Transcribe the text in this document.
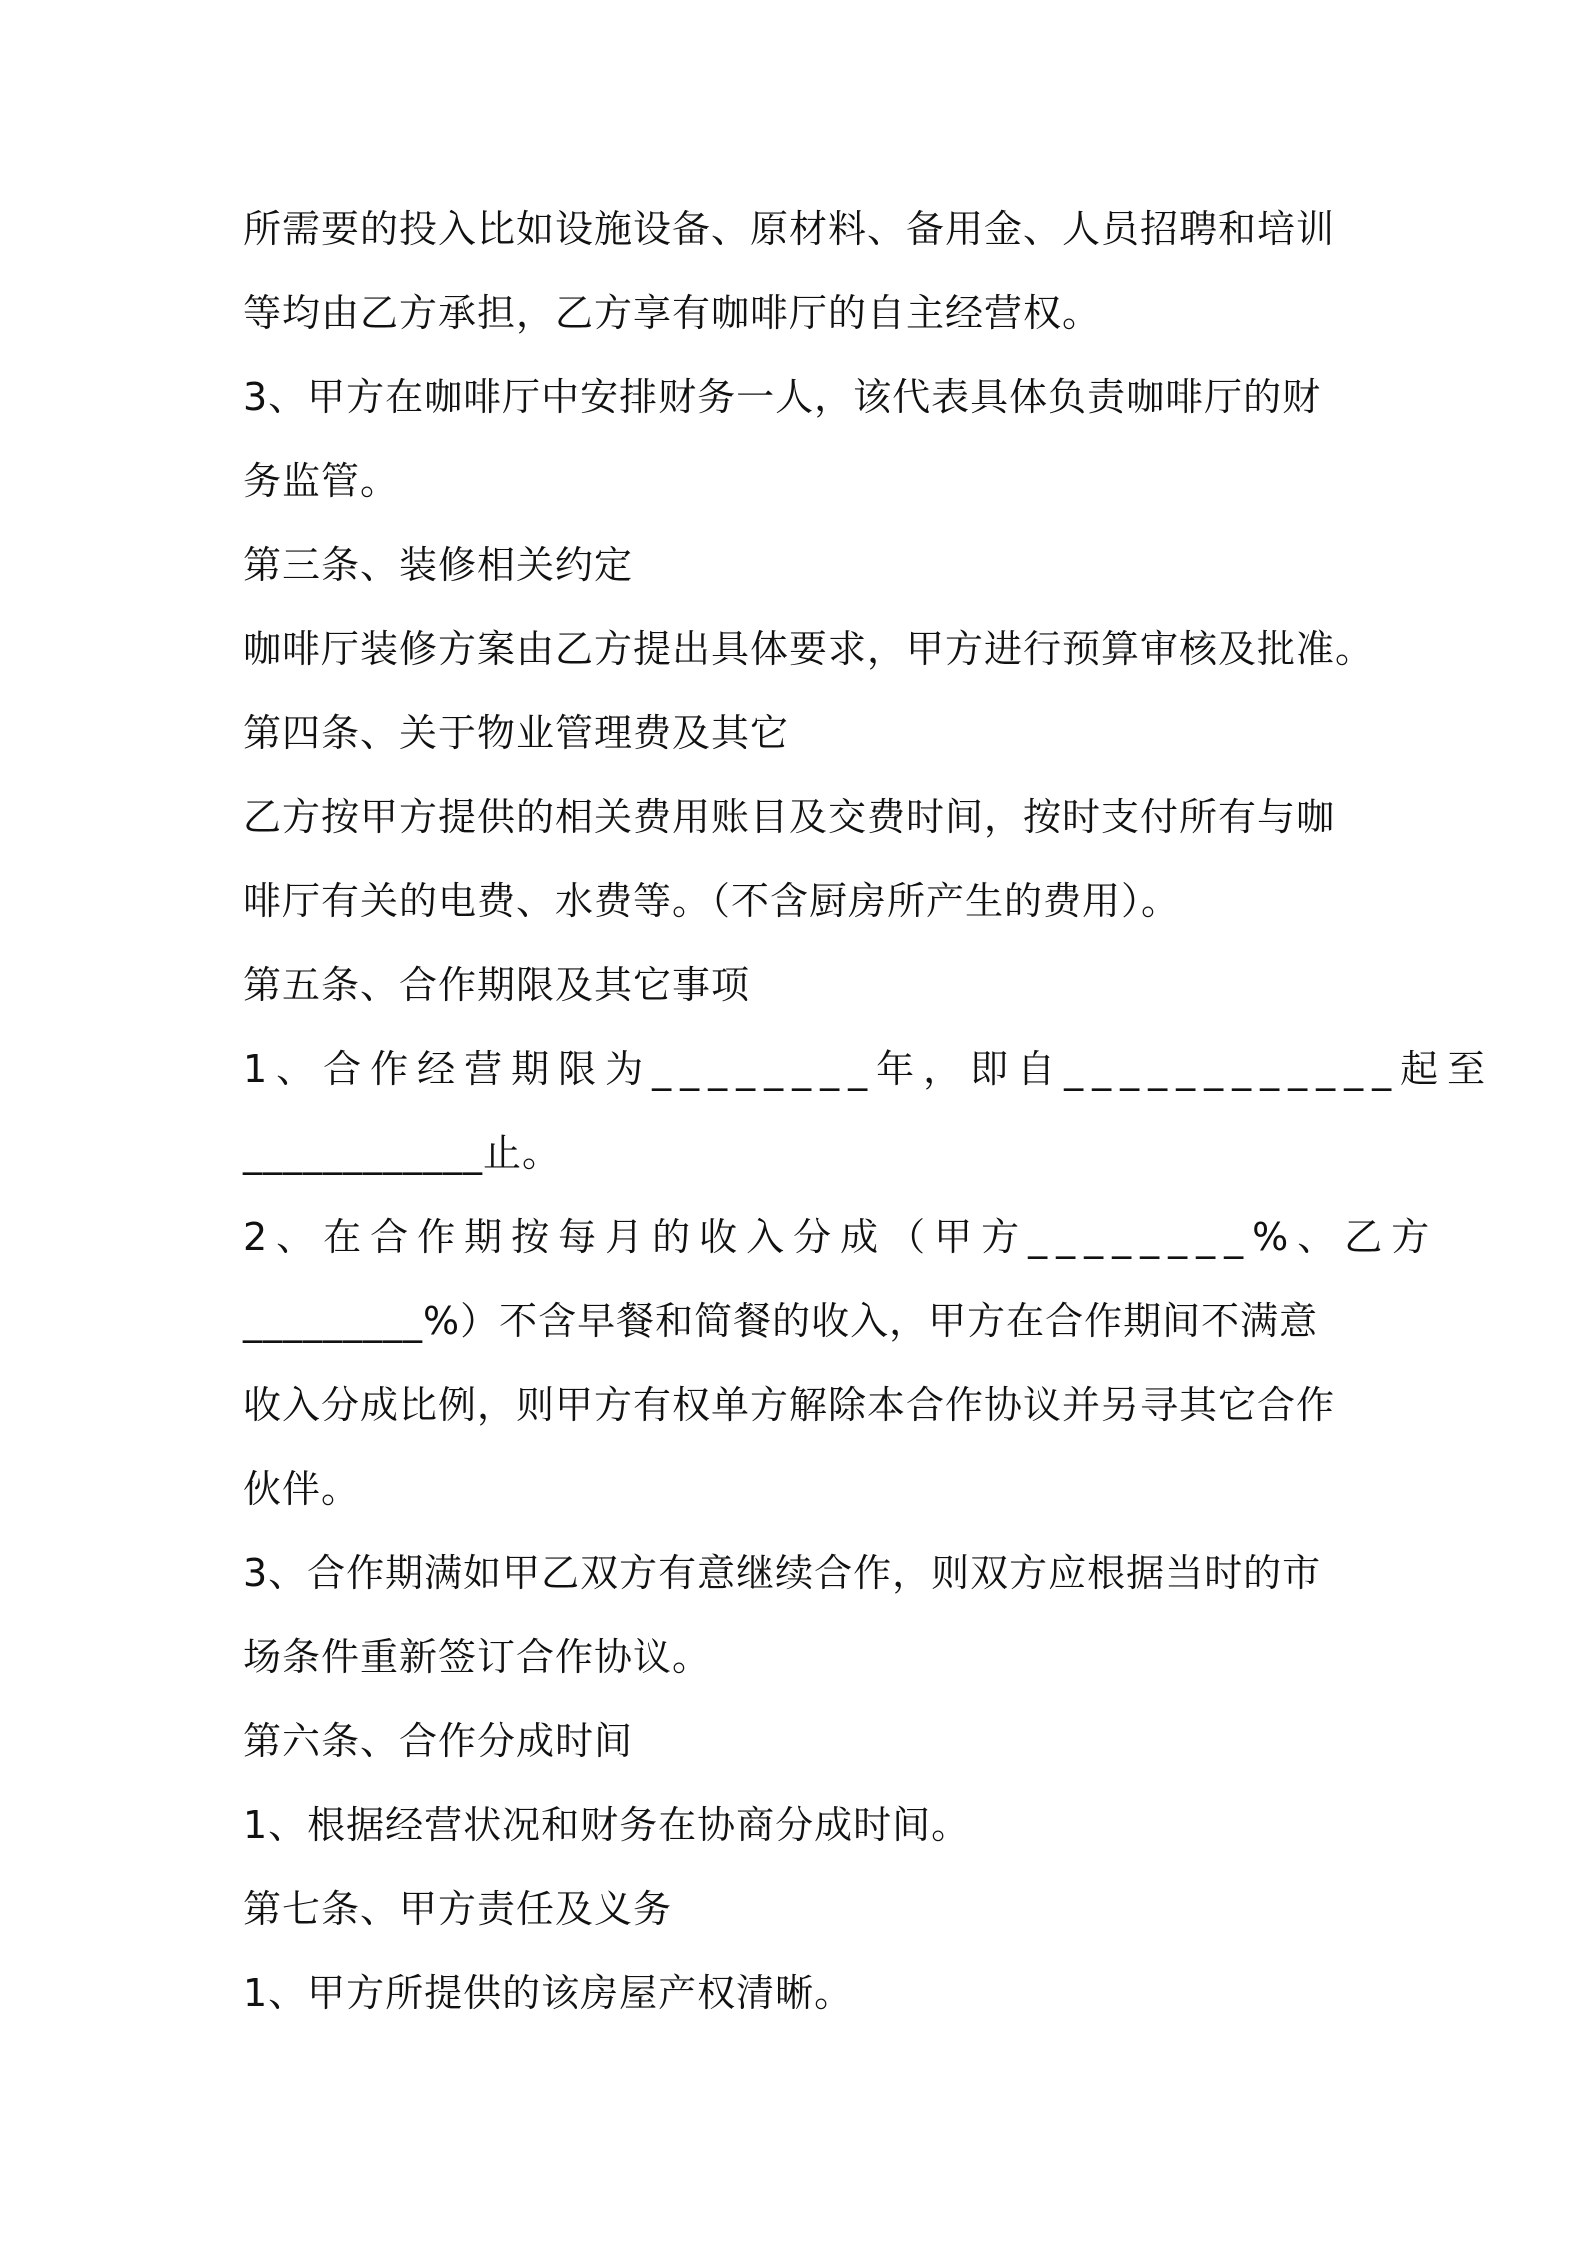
所需要的投入比如设施设备、原材料、备用金、人员招聘和培训
等均由乙方承担，乙方享有咖啡厅的自主经营权。
3、甲方在咖啡厅中安排财务一人，该代表具体负责咖啡厅的财
务监管。
第三条、装修相关约定
咖啡厅装修方案由乙方提出具体要求，甲方进行预算审核及批准。
第四条、关于物业管理费及其它
乙方按甲方提供的相关费用账目及交费时间，按时支付所有与咖
啡厅有关的电费、水费等。（不含厨房所产生的费用）。
第五条、合作期限及其它事项
1、合作经营期限为________年，即自____________起至
____________止。
2、在合作期按每月的收入分成（甲方________%、乙方
_________%）不含早餐和简餐的收入，甲方在合作期间不满意
收入分成比例，则甲方有权单方解除本合作协议并另寻其它合作
伙伴。
3、合作期满如甲乙双方有意继续合作，则双方应根据当时的市
场条件重新签订合作协议。
第六条、合作分成时间
1、根据经营状况和财务在协商分成时间。
第七条、甲方责任及义务
1、甲方所提供的该房屋产权清晰。
